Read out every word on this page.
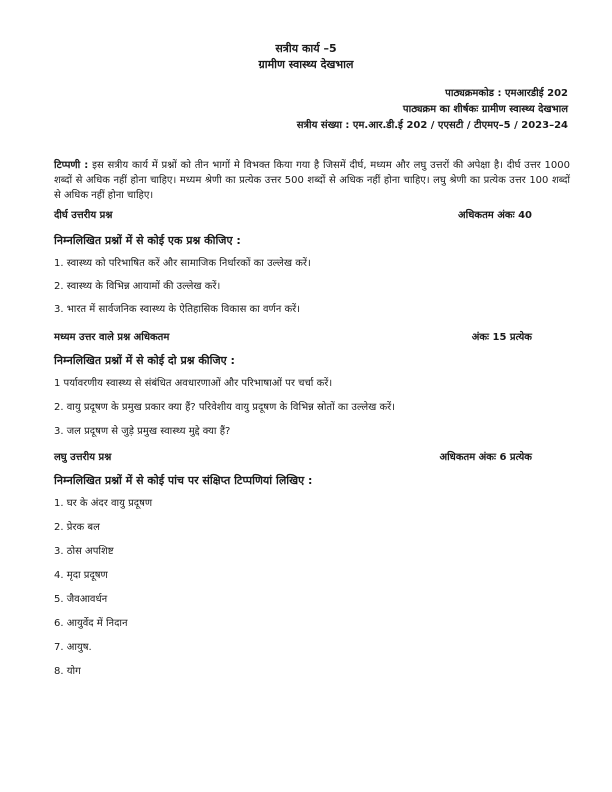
सत्रीय कार्य –5
ग्रामीण स्वास्थ्य देखभाल
पाठ्यक्रमकोड : एमआरडीई 202
पाठ्यक्रम का शीर्षकः ग्रामीण स्वास्थ्य देखभाल
सत्रीय संख्या : एम.आर.डी.ई 202 / एएसटी / टीएमए–5 / 2023–24
टिप्पणी : इस सत्रीय कार्य में प्रश्नों को तीन भागों मे विभक्त किया गया है जिसमें दीर्घ, मध्यम और लघु उत्तरों की अपेक्षा है। दीर्घ उत्तर 1000 शब्दों से अधिक नहीं होना चाहिए। मध्यम श्रेणी का प्रत्येक उत्तर 500 शब्दों से अधिक नहीं होना चाहिए। लघु श्रेणी का प्रत्येक उत्तर 100 शब्दों से अधिक नहीं होना चाहिए।
दीर्घ उत्तरीय प्रश्न	अधिकतम अंकः 40
निम्नलिखित प्रश्नों में से कोई एक प्रश्न कीजिए :
1. स्वास्थ्य को परिभाषित करें और सामाजिक निर्धारकों का उल्लेख करें।
2. स्वास्थ्य के विभिन्न आयामों की उल्लेख करें।
3. भारत में सार्वजनिक स्वास्थ्य के ऐतिहासिक विकास का वर्णन करें।
मध्यम उत्तर वाले प्रश्न अधिकतम	अंकः 15 प्रत्येक
निम्नलिखित प्रश्नों में से कोई दो प्रश्न कीजिए :
1 पर्यावरणीय स्वास्थ्य से संबंधित अवधारणाओं और परिभाषाओं पर चर्चा करें।
2. वायु प्रदूषण के प्रमुख प्रकार क्या हैं? परिवेशीय वायु प्रदूषण के विभिन्न स्रोतों का उल्लेख करें।
3. जल प्रदूषण से जुड़े प्रमुख स्वास्थ्य मुद्दे क्या हैं?
लघु उत्तरीय प्रश्न	अधिकतम अंकः 6 प्रत्येक
निम्नलिखित प्रश्नों में से कोई पांच पर संक्षिप्त टिप्पणियां लिखिए :
1. घर के अंदर वायु प्रदूषण
2. प्रेरक बल
3. ठोस अपशिष्ट
4. मृदा प्रदूषण
5. जैवआवर्धन
6. आयुर्वेद में निदान
7. आयुष.
8. योग
